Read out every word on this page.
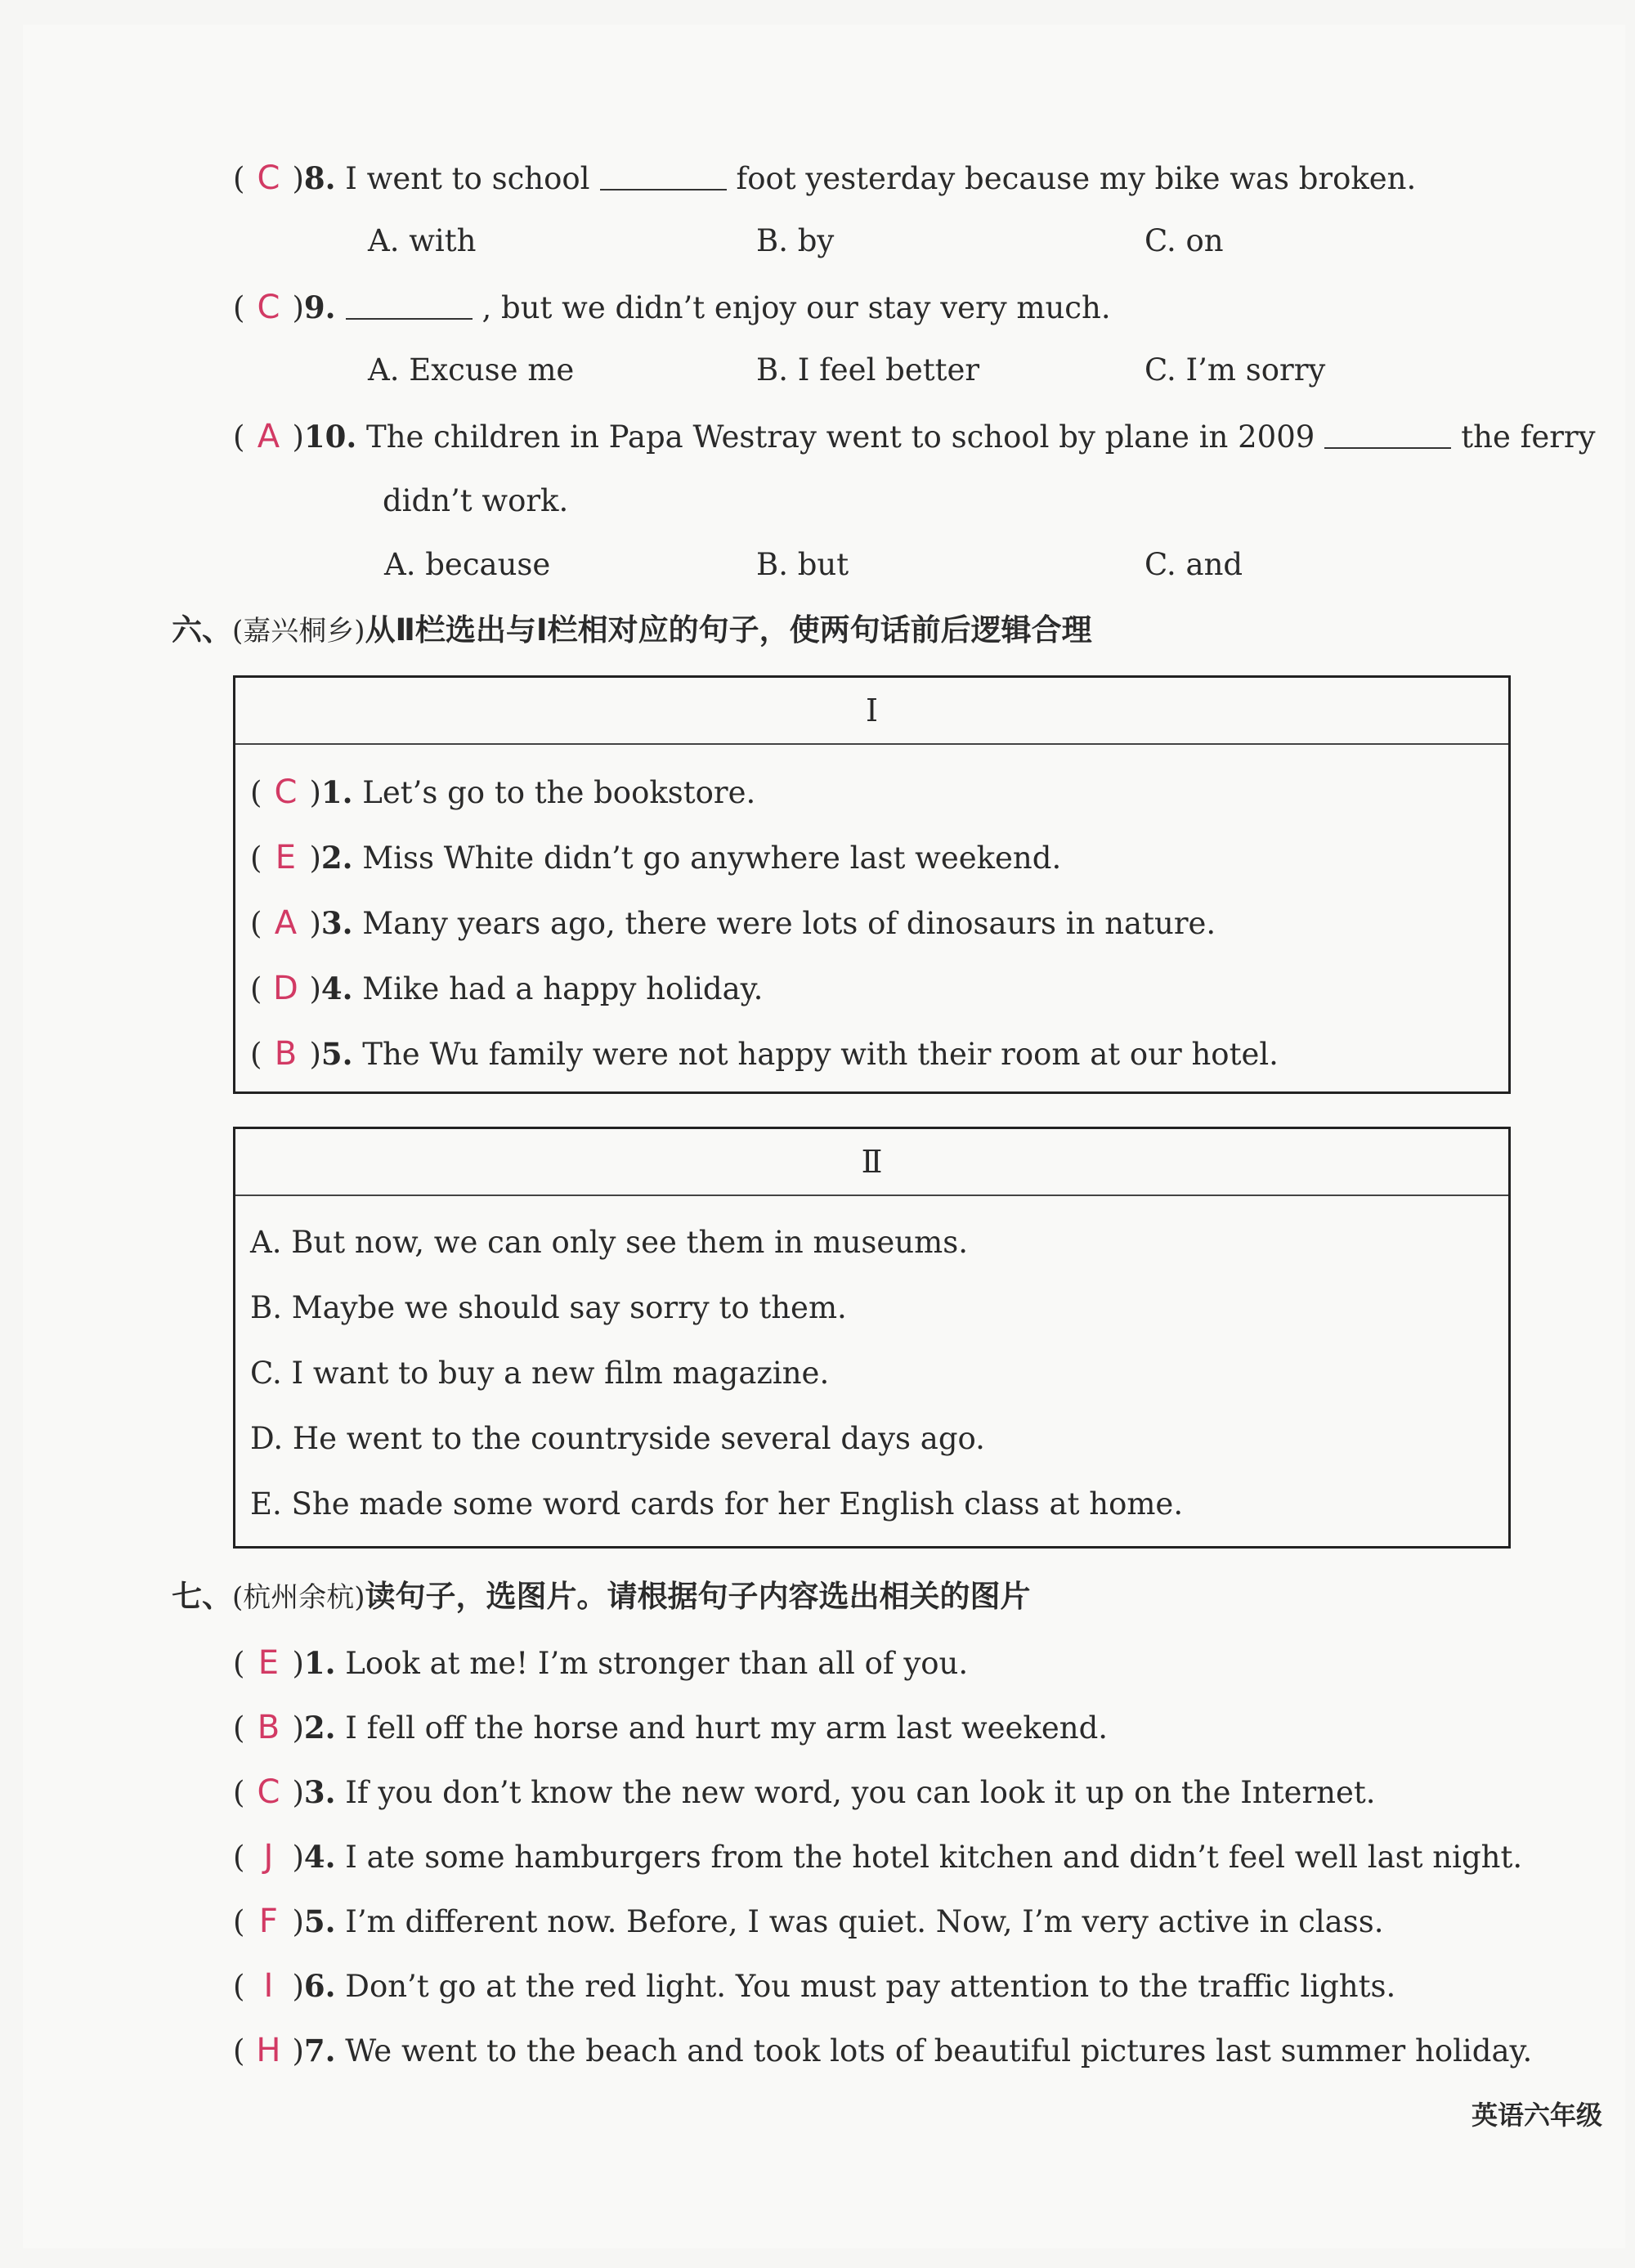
( C )8. I went to school	foot yesterday because my bike was broken.
A. with	B. by	C. on
( C )9.	, but we didn’t enjoy our stay very much.
A. Excuse me	B. I feel better	C. I’m sorry
( A )10. The children in Papa Westray went to school by plane in 2009	the ferry
didn’t work.
A. because	B. but	C. and
六、(嘉兴桐乡)从Ⅱ栏选出与Ⅰ栏相对应的句子，使两句话前后逻辑合理
Ⅰ
( C )1. Let’s go to the bookstore.
( E )2. Miss White didn’t go anywhere last weekend.
( A )3. Many years ago, there were lots of dinosaurs in nature.
( D )4. Mike had a happy holiday.
( B )5. The Wu family were not happy with their room at our hotel.
Ⅱ
A. But now, we can only see them in museums.
B. Maybe we should say sorry to them.
C. I want to buy a new film magazine.
D. He went to the countryside several days ago.
E. She made some word cards for her English class at home.
七、(杭州余杭)读句子，选图片。请根据句子内容选出相关的图片
( E )1. Look at me! I’m stronger than all of you.
( B )2. I fell off the horse and hurt my arm last weekend.
( C )3. If you don’t know the new word, you can look it up on the Internet.
( J )4. I ate some hamburgers from the hotel kitchen and didn’t feel well last night.
( F )5. I’m different now. Before, I was quiet. Now, I’m very active in class.
( I )6. Don’t go at the red light. You must pay attention to the traffic lights.
( H )7. We went to the beach and took lots of beautiful pictures last summer holiday.
英语六年级
